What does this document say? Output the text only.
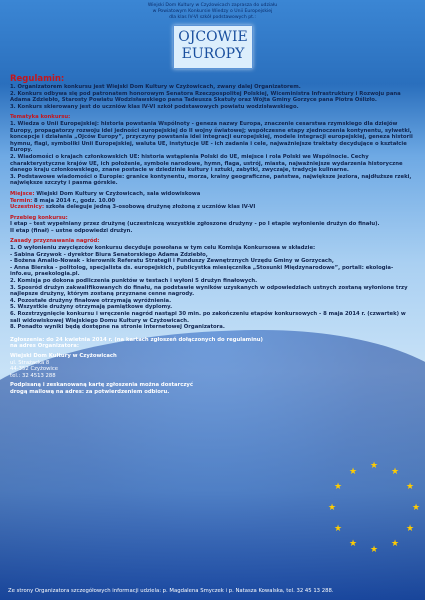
Wiejski Dom Kultury w Czyżowicach zaprasza do udziału
w Powiatowym Konkursie Wiedzy o Unii Europejskiej
dla klas IV-VI szkół podstawowych pt.:
OJCOWIE
EUROPY
Regulamin:
1. Organizatorem konkursu jest Wiejski Dom Kultury w Czyżowicach, zwany dalej Organizatorem.
2. Konkurs odbywa się pod patronatem honorowym Senatora Rzeczpospolitej Polskiej, Wiceministra Infrastruktury i Rozwoju pana Adama Zdziebło, Starosty Powiatu Wodzisławskiego pana Tadeusza Skatuły oraz Wójta Gminy Gorzyce pana Piotra Oślizło.
3. Konkurs skierowany jest do uczniów klas IV-VI szkół podstawowych powiatu wodzisławskiego.
Tematyka konkursu:
1. Wiedza o Unii Europejskiej: historia powstania Wspólnoty - geneza nazwy Europa, znaczenie cesarstwa rzymskiego dla dziejów Europy, propagatorzy rozwoju idei jedności europejskiej do II wojny światowej; współczesne etapy zjednoczenia kontynentu, sylwetki, koncepcje i działania „Ojców Europy”, przyczyny powstania idei integracji europejskiej, modele integracji europejskiej, geneza historii hymnu, flagi, symboliki Unii Europejskiej, waluta UE, instytucje UE - ich zadania i cele, najważniejsze traktaty decydujące o kształcie Europy.
2. Wiadomości o krajach członkowskich UE: historia wstąpienia Polski do UE, miejsce i rola Polski we Wspólnocie. Cechy charakterystyczne krajów UE, ich położenie, symbole narodowe, hymn, flaga, ustrój, miasta, najważniejsze wydarzenia historyczne danego kraju członkowskiego, znane postacie w dziedzinie kultury i sztuki, zabytki, zwyczaje, tradycje kulinarne.
3. Podstawowe wiadomości o Europie: granice kontynentu, morza, krainy geograficzne, państwa, największe jeziora, najdłuższe rzeki, największe szczyty i pasma górskie.
Miejsce: Wiejski Dom Kultury w Czyżowicach, sala widowiskowa
Termin: 8 maja 2014 r., godz. 10.00
Uczestnicy: szkoła deleguje jedną 3-osobową drużynę złożoną z uczniów klas IV-VI
Przebieg konkursu:
I etap – test wypełniany przez drużynę (uczestniczą wszystkie zgłoszone drużyny - po I etapie wyłonienie drużyn do finału).
II etap (finał) – ustne odpowiedzi drużyn.
Zasady przyznawania nagród:
1. O wyłonieniu zwycięzców konkursu decyduje powołana w tym celu Komisja Konkursowa w składzie:
- Sabina Grzywok - dyrektor Biura Senatorskiego Adama Zdziebło,
- Bożena Amalio-Nowak - kierownik Referatu Strategii i Funduszy Zewnętrznych Urzędu Gminy w Gorzycach,
- Anna Bierska - politolog, specjalista ds. europejskich, publicystka miesięcznika „Stosunki Międzynarodowe”, portali: ekologia-info.eu, praekologia.pl.
2. Komisja po dokona podliczenia punktów w testach i wyłoni 5 drużyn finałowych.
3. Sposród drużyn zakwalifikowanych do finału, na podstawie wyników uzyskanych w odpowiedziach ustnych zostaną wyłonione trzy najlepsze drużyny, którym zostaną przyznane cenne nagrody.
4. Pozostałe drużyny finałowe otrzymają wyróżnienia.
5. Wszystkie drużyny otrzymają pamiątkowe dyplomy.
6. Rozstrzygnięcie konkursu i wręczenie nagród nastąpi 30 min. po zakończeniu etapów konkursowych - 8 maja 2014 r. (czwartek) w sali widowiskowej Wiejskiego Domu Kultury w Czyżowicach.
8. Ponadto wyniki będą dostępne na stronie internetowej Organizatora.
Zgłoszenia: do 24 kwietnia 2014 r. (na kartach zgłoszeń dołączonych do regulaminu)
na adres Organizatora:
Wiejski Dom Kultury w Czyżowicach
ul. Strażacka 8
44-352 Czyżowice
tel.: 32 4513 288
Podpisaną i zeskanowaną kartę zgłoszenia można dostarczyć drogą mailową na adres: za potwierdzeniem odbioru.
★
★
★
★
★
★
★
★
★
★
★
★
Ze strony Organizatora szczegółowych informacji udziela: p. Magdalena Smyczek i p. Natasza Kowalska, tel. 32 45 13 288.
